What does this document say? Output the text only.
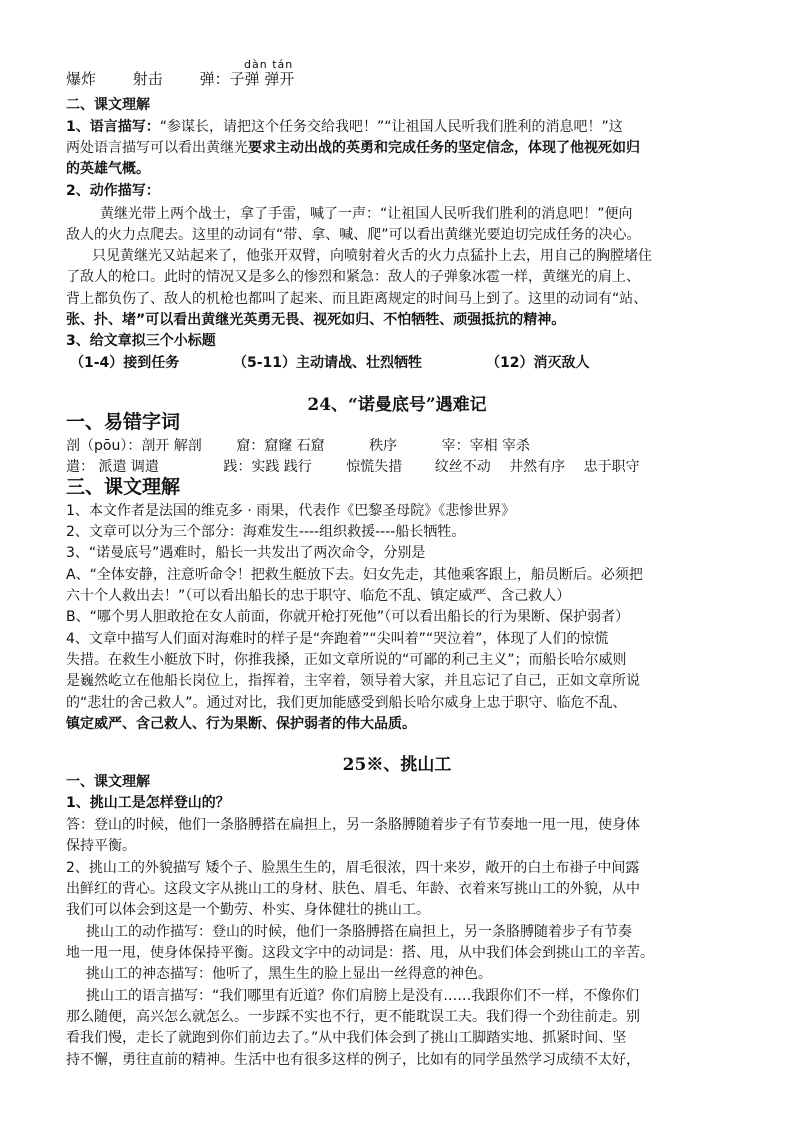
dàn tán
爆炸 射击 弹：子弹 弹开
二、课文理解
1、语言描写：“参谋长，请把这个任务交给我吧！”“让祖国人民听我们胜利的消息吧！”这
两处语言描写可以看出黄继光要求主动出战的英勇和完成任务的坚定信念，体现了他视死如归
的英雄气概。
2、动作描写：
黄继光带上两个战士，拿了手雷，喊了一声：“让祖国人民听我们胜利的消息吧！”便向
敌人的火力点爬去。这里的动词有“带、拿、喊、爬”可以看出黄继光要迫切完成任务的决心。
只见黄继光又站起来了，他张开双臂，向喷射着火舌的火力点猛扑上去，用自己的胸膛堵住
了敌人的枪口。此时的情况又是多么的惨烈和紧急：敌人的子弹象冰雹一样，黄继光的肩上、
背上都负伤了、敌人的机枪也都叫了起来、而且距离规定的时间马上到了。这里的动词有“站、
张、扑、堵”可以看出黄继光英勇无畏、视死如归、不怕牺牲、顽强抵抗的精神。
3、给文章拟三个小标题
（1-4）接到任务	（5-11）主动请战、壮烈牺牲	（12）消灭敌人
24、“诺曼底号”遇难记
一、易错字词
剖（pōu）：剖开 解剖 窟：窟窿 石窟	秩序	宰：宰相 宰杀
遣： 派遣 调遣	践：实践 践行 惊慌失措 纹丝不动 井然有序 忠于职守
三、课文理解
1、本文作者是法国的维克多 · 雨果，代表作《巴黎圣母院》《悲惨世界》
2、文章可以分为三个部分：海难发生----组织救援----船长牺牲。
3、“诺曼底号”遇难时，船长一共发出了两次命令，分别是
A、“全体安静，注意听命令！把救生艇放下去。妇女先走，其他乘客跟上，船员断后。必须把
六十个人救出去！”（可以看出船长的忠于职守、临危不乱、镇定威严、含己救人）
B、“哪个男人胆敢抢在女人前面，你就开枪打死他”（可以看出船长的行为果断、保护弱者）
4、文章中描写人们面对海难时的样子是“奔跑着”“尖叫着”“哭泣着”，体现了人们的惊慌
失措。在救生小艇放下时，你推我搡，正如文章所说的“可鄙的利己主义”；而船长哈尔威则
是巍然屹立在他船长岗位上，指挥着，主宰着，领导着大家，并且忘记了自己，正如文章所说
的“悲壮的舍己救人”。通过对比，我们更加能感受到船长哈尔威身上忠于职守、临危不乱、
镇定威严、含己救人、行为果断、保护弱者的伟大品质。
25※、挑山工
一、课文理解
1、挑山工是怎样登山的？
答：登山的时候，他们一条胳膊搭在扁担上，另一条胳膊随着步子有节奏地一甩一甩，使身体
保持平衡。
2、挑山工的外貌描写 矮个子、脸黑生生的，眉毛很浓，四十来岁，敞开的白土布褂子中间露
出鲜红的背心。这段文字从挑山工的身材、肤色、眉毛、年龄、衣着来写挑山工的外貌，从中
我们可以体会到这是一个勤劳、朴实、身体健壮的挑山工。
挑山工的动作描写：登山的时候，他们一条胳膊搭在扁担上，另一条胳膊随着步子有节奏
地一甩一甩，使身体保持平衡。这段文字中的动词是：搭、甩，从中我们体会到挑山工的辛苦。
挑山工的神态描写：他听了，黑生生的脸上显出一丝得意的神色。
挑山工的语言描写：“我们哪里有近道？你们肩膀上是没有……我跟你们不一样，不像你们
那么随便，高兴怎么就怎么。一步踩不实也不行，更不能耽误工夫。我们得一个劲往前走。别
看我们慢，走长了就跑到你们前边去了。”从中我们体会到了挑山工脚踏实地、抓紧时间、坚
持不懈，勇往直前的精神。生活中也有很多这样的例子，比如有的同学虽然学习成绩不太好，
